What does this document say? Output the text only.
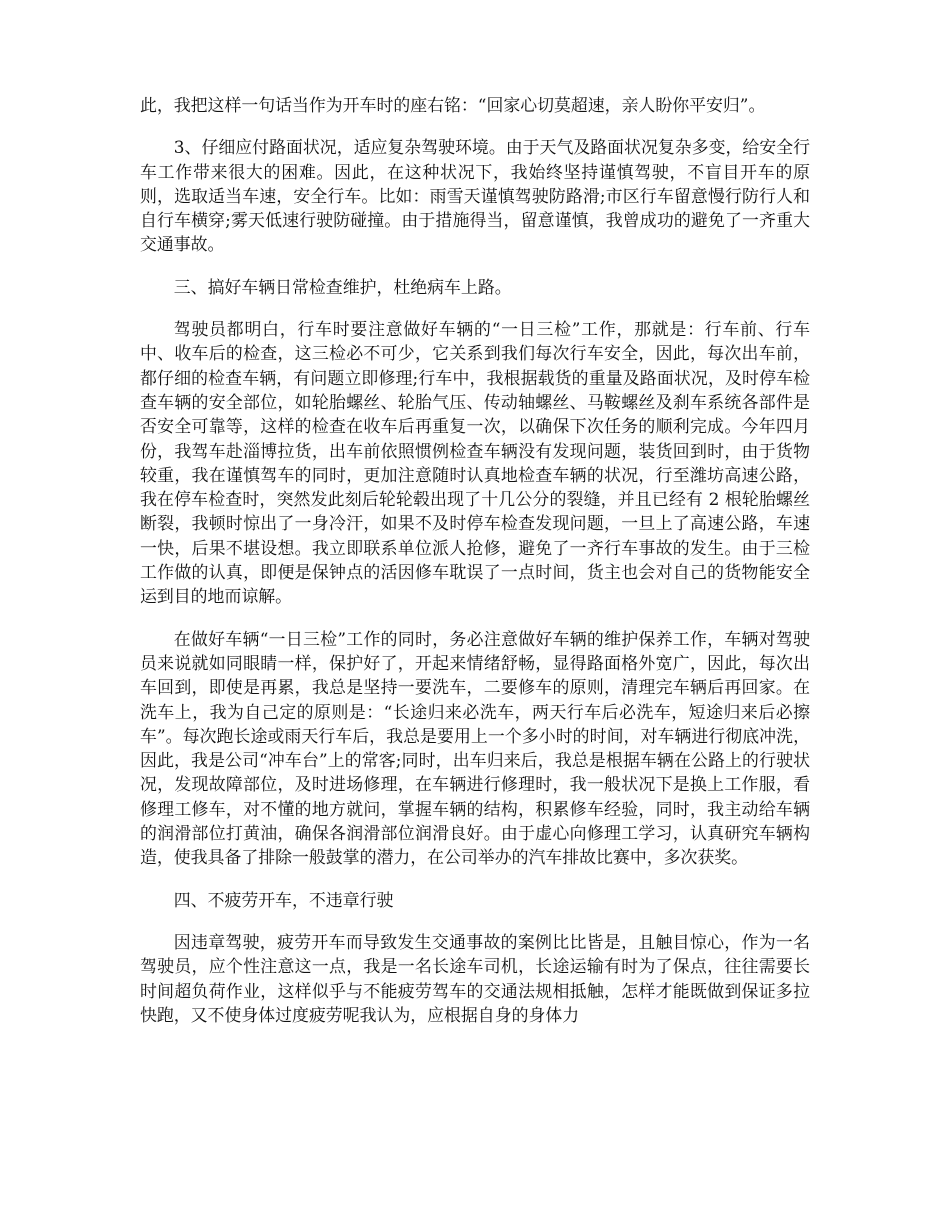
此，我把这样一句话当作为开车时的座右铭：“回家心切莫超速，亲人盼你平安归”。

3、仔细应付路面状况，适应复杂驾驶环境。由于天气及路面状况复杂多变，给安全行车工作带来很大的困难。因此，在这种状况下，我始终坚持谨慎驾驶，不盲目开车的原则，选取适当车速，安全行车。比如：雨雪天谨慎驾驶防路滑;市区行车留意慢行防行人和自行车横穿;雾天低速行驶防碰撞。由于措施得当，留意谨慎，我曾成功的避免了一齐重大交通事故。

三、搞好车辆日常检查维护，杜绝病车上路。

驾驶员都明白，行车时要注意做好车辆的“一日三检”工作，那就是：行车前、行车中、收车后的检查，这三检必不可少，它关系到我们每次行车安全，因此，每次出车前，都仔细的检查车辆，有问题立即修理;行车中，我根据载货的重量及路面状况，及时停车检查车辆的安全部位，如轮胎螺丝、轮胎气压、传动轴螺丝、马鞍螺丝及刹车系统各部件是否安全可靠等，这样的检查在收车后再重复一次，以确保下次任务的顺利完成。今年四月份，我驾车赴淄博拉货，出车前依照惯例检查车辆没有发现问题，装货回到时，由于货物较重，我在谨慎驾车的同时，更加注意随时认真地检查车辆的状况，行至潍坊高速公路，我在停车检查时，突然发此刻后轮轮毂出现了十几公分的裂缝，并且已经有 2 根轮胎螺丝断裂，我顿时惊出了一身冷汗，如果不及时停车检查发现问题，一旦上了高速公路，车速一快，后果不堪设想。我立即联系单位派人抢修，避免了一齐行车事故的发生。由于三检工作做的认真，即便是保钟点的活因修车耽误了一点时间，货主也会对自己的货物能安全运到目的地而谅解。

在做好车辆“一日三检”工作的同时，务必注意做好车辆的维护保养工作，车辆对驾驶员来说就如同眼睛一样，保护好了，开起来情绪舒畅，显得路面格外宽广，因此，每次出车回到，即使是再累，我总是坚持一要洗车，二要修车的原则，清理完车辆后再回家。在洗车上，我为自己定的原则是：“长途归来必洗车，两天行车后必洗车，短途归来后必擦车”。每次跑长途或雨天行车后，我总是要用上一个多小时的时间，对车辆进行彻底冲洗，因此，我是公司“冲车台”上的常客;同时，出车归来后，我总是根据车辆在公路上的行驶状况，发现故障部位，及时进场修理，在车辆进行修理时，我一般状况下是换上工作服，看修理工修车，对不懂的地方就问，掌握车辆的结构，积累修车经验，同时，我主动给车辆的润滑部位打黄油，确保各润滑部位润滑良好。由于虚心向修理工学习，认真研究车辆构造，使我具备了排除一般鼓掌的潜力，在公司举办的汽车排故比赛中，多次获奖。

四、不疲劳开车，不违章行驶

因违章驾驶，疲劳开车而导致发生交通事故的案例比比皆是，且触目惊心，作为一名驾驶员，应个性注意这一点，我是一名长途车司机，长途运输有时为了保点，往往需要长时间超负荷作业，这样似乎与不能疲劳驾车的交通法规相抵触，怎样才能既做到保证多拉快跑，又不使身体过度疲劳呢我认为，应根据自身的身体力
